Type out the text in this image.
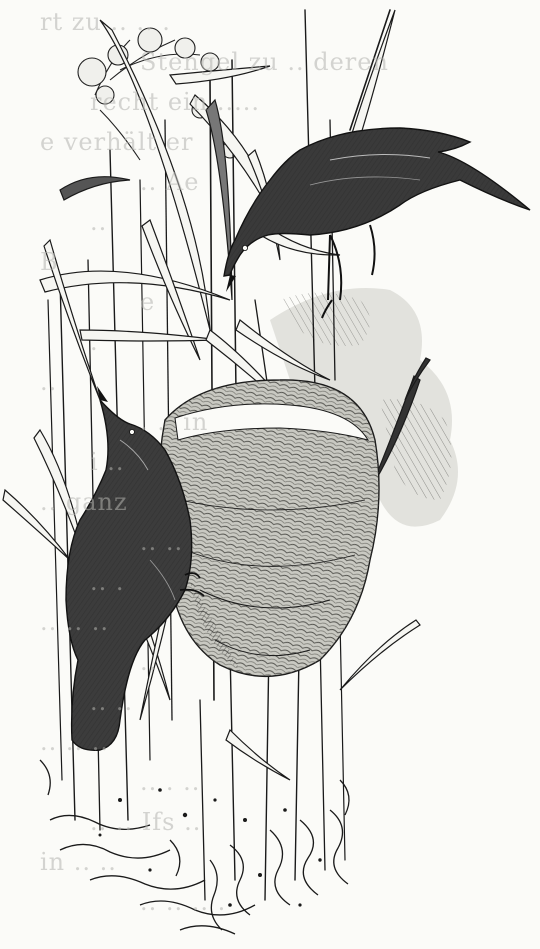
rt zu .. .. .
Stengel zu .. deren
recht ein .....
e verhält er
.. Ae
..
B
e
.
..
. .. in
i ..
.. ganz
.. ..
.. .
.. .. ..
..
.. ..
.. .. ..
.. . ..
.. .. Ifs ..
in .. ..
.. .. .. .
